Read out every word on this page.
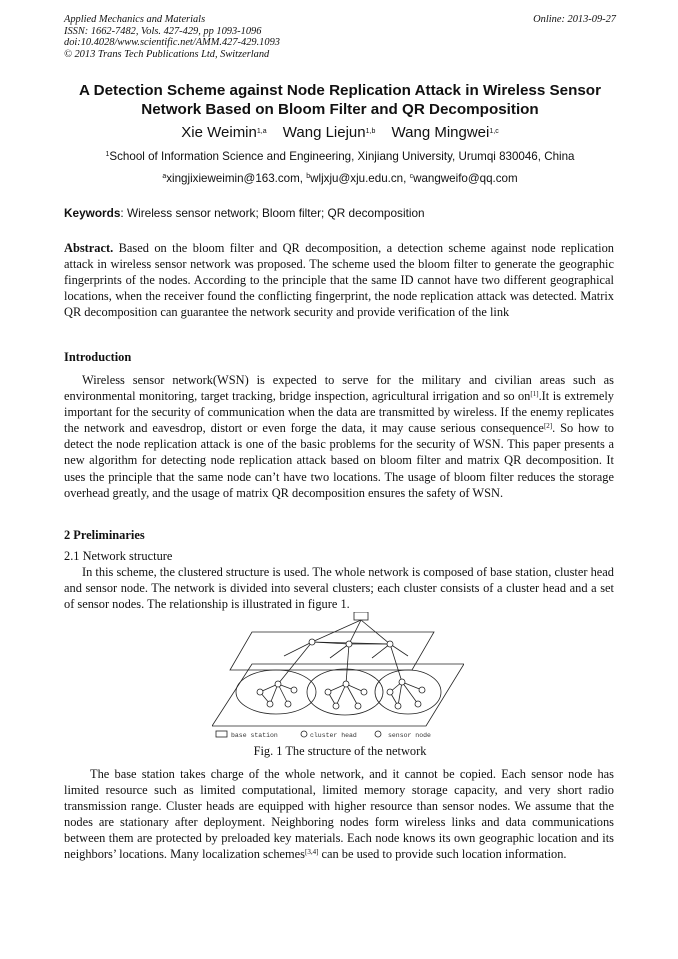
Applied Mechanics and Materials
ISSN: 1662-7482, Vols. 427-429, pp 1093-1096
doi:10.4028/www.scientific.net/AMM.427-429.1093
© 2013 Trans Tech Publications Ltd, Switzerland
Online: 2013-09-27
A Detection Scheme against Node Replication Attack in Wireless Sensor
Network Based on Bloom Filter and QR Decomposition
Xie Weimin$^{1,a}$ Wang Liejun$^{1,b}$ Wang Mingwei$^{1,c}$
$^1$School of Information Science and Engineering, Xinjiang University, Urumqi 830046, China
$^a$xingjixieweimin@163.com, $^b$wljxju@xju.edu.cn, $^c$wangweifo@qq.com
Keywords: Wireless sensor network; Bloom filter; QR decomposition
Abstract. Based on the bloom filter and QR decomposition, a detection scheme against node replication attack in wireless sensor network was proposed. The scheme used the bloom filter to generate the geographic fingerprints of the nodes. According to the principle that the same ID cannot have two different geographical locations, when the receiver found the conflicting fingerprint, the node replication attack was detected. Matrix QR decomposition can guarantee the network security and provide verification of the link
Introduction
Wireless sensor network(WSN) is expected to serve for the military and civilian areas such as environmental monitoring, target tracking, bridge inspection, agricultural irrigation and so on[1].It is extremely important for the security of communication when the data are transmitted by wireless. If the enemy replicates the network and eavesdrop, distort or even forge the data, it may cause serious consequence[2]. So how to detect the node replication attack is one of the basic problems for the security of WSN. This paper presents a new algorithm for detecting node replication attack based on bloom filter and matrix QR decomposition. It uses the principle that the same node can’t have two locations. The usage of bloom filter reduces the storage overhead greatly, and the usage of matrix QR decomposition ensures the safety of WSN.
2 Preliminaries
2.1 Network structure
In this scheme, the clustered structure is used. The whole network is composed of base station, cluster head and sensor node. The network is divided into several clusters; each cluster consists of a cluster head and a set of sensor nodes. The relationship is illustrated in figure 1.
base station	cluster head	sensor node
Fig. 1 The structure of the network
The base station takes charge of the whole network, and it cannot be copied. Each sensor node has limited resource such as limited computational, limited memory storage capacity, and very short radio transmission range. Cluster heads are equipped with higher resource than sensor nodes. We assume that the nodes are stationary after deployment. Neighboring nodes form wireless links and data communications between them are protected by preloaded key materials. Each node knows its own geographic location and its neighbors’ locations. Many localization schemes[3,4] can be used to provide such location information.
